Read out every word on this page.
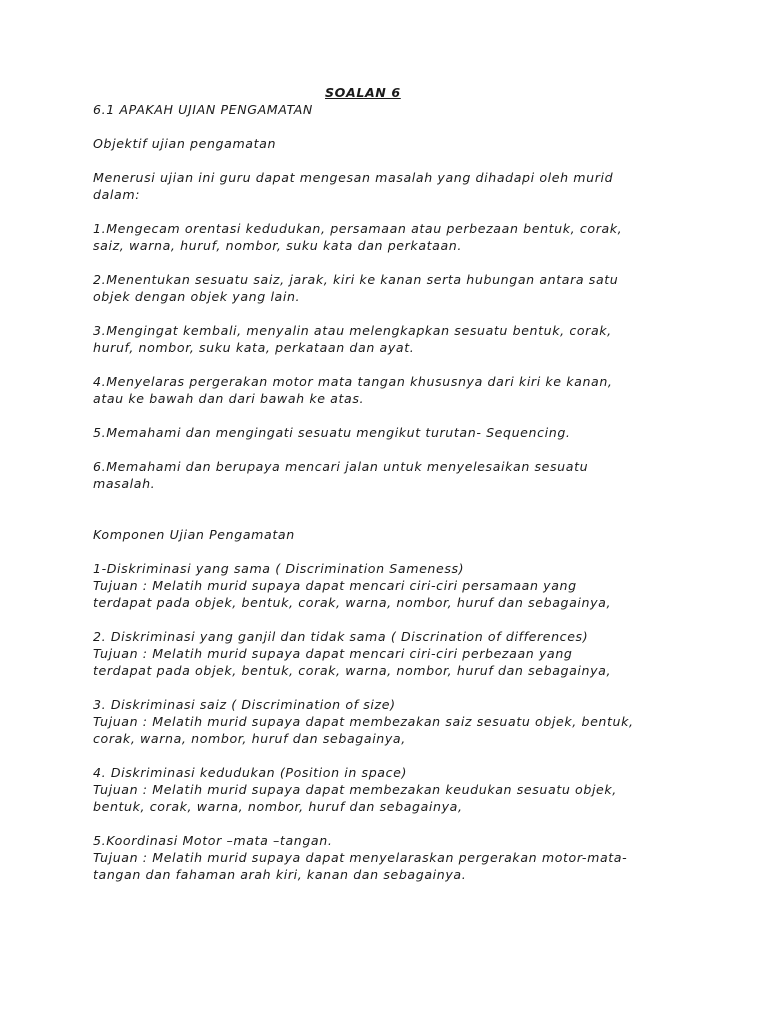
SOALAN 6

6.1 APAKAH UJIAN PENGAMATAN

Objektif ujian pengamatan

Menerusi ujian ini guru dapat mengesan masalah yang dihadapi oleh murid

dalam:

1.Mengecam orentasi kedudukan, persamaan atau perbezaan bentuk, corak,

saiz, warna, huruf, nombor, suku kata dan perkataan.

2.Menentukan sesuatu saiz, jarak, kiri ke kanan serta hubungan antara satu

objek dengan objek yang lain.

3.Mengingat kembali, menyalin atau melengkapkan sesuatu bentuk, corak,

huruf, nombor, suku kata, perkataan dan ayat.

4.Menyelaras pergerakan motor mata tangan khususnya dari kiri ke kanan,

atau ke bawah dan dari bawah ke atas.

5.Memahami dan mengingati sesuatu mengikut turutan- Sequencing.

6.Memahami dan berupaya mencari jalan untuk menyelesaikan sesuatu

masalah.

Komponen Ujian Pengamatan

1-Diskriminasi yang sama ( Discrimination Sameness)

Tujuan : Melatih murid supaya dapat mencari ciri-ciri persamaan yang

terdapat pada objek, bentuk, corak, warna, nombor, huruf dan sebagainya,

2. Diskriminasi yang ganjil dan tidak sama ( Discrination of differences)

Tujuan : Melatih murid supaya dapat mencari ciri-ciri perbezaan yang

terdapat pada objek, bentuk, corak, warna, nombor, huruf dan sebagainya,

3. Diskriminasi saiz ( Discrimination of size)

Tujuan : Melatih murid supaya dapat membezakan saiz sesuatu objek, bentuk,

corak, warna, nombor, huruf dan sebagainya,

4. Diskriminasi kedudukan (Position in space)

Tujuan : Melatih murid supaya dapat membezakan keudukan sesuatu objek,

bentuk, corak, warna, nombor, huruf dan sebagainya,

5.Koordinasi Motor –mata –tangan.

Tujuan : Melatih murid supaya dapat menyelaraskan pergerakan motor-mata-

tangan dan fahaman arah kiri, kanan dan sebagainya.
